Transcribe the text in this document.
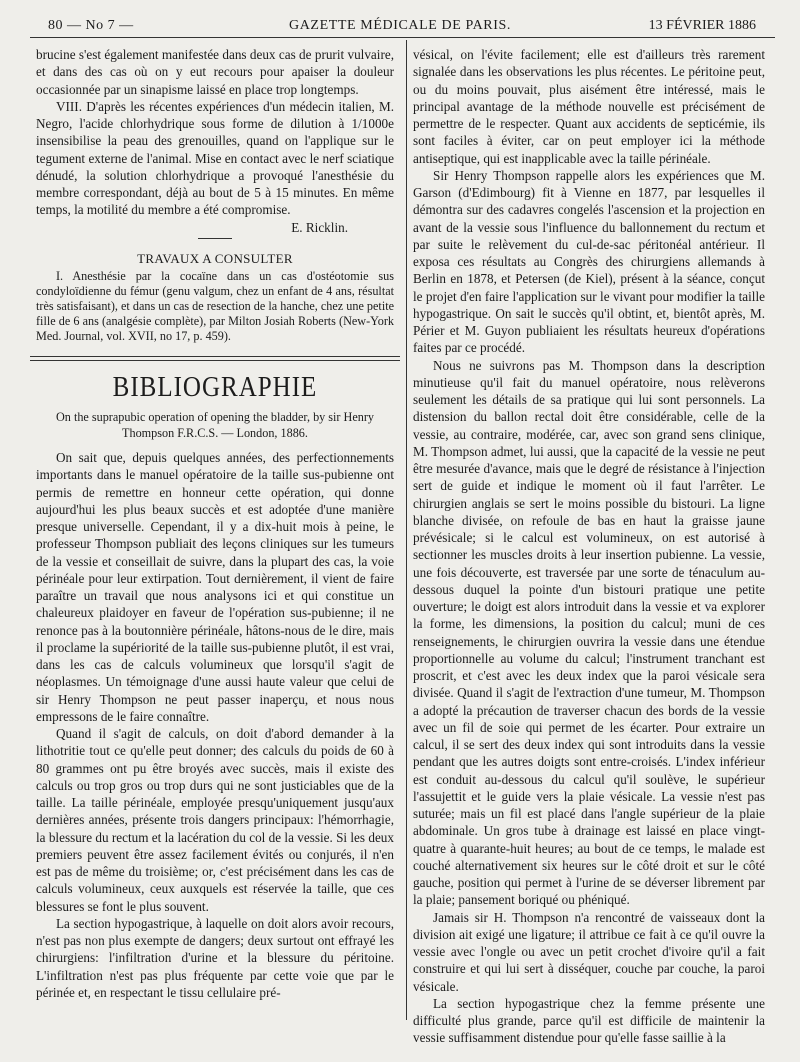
80 — No 7 —	GAZETTE MÉDICALE DE PARIS.	13 FÉVRIER 1886

brucine s'est également manifestée dans deux cas de prurit vulvaire, et dans des cas où on y eut recours pour apaiser la douleur occasionnée par un sinapisme laissé en place trop longtemps.

VIII. D'après les récentes expériences d'un médecin italien, M. Negro, l'acide chlorhydrique sous forme de dilution à 1/1000e insensibilise la peau des grenouilles, quand on l'applique sur le tegument externe de l'animal. Mise en contact avec le nerf sciatique dénudé, la solution chlorhydrique a provoqué l'anesthésie du membre correspondant, déjà au bout de 5 à 15 minutes. En même temps, la motilité du membre a été compromise.

E. Ricklin.

TRAVAUX A CONSULTER

I. Anesthésie par la cocaïne dans un cas d'ostéotomie sus condyloïdienne du fémur (genu valgum, chez un enfant de 4 ans, résultat très satisfaisant), et dans un cas de resection de la hanche, chez une petite fille de 6 ans (analgésie complète), par Milton Josiah Roberts (New-York Med. Journal, vol. XVII, no 17, p. 459).

BIBLIOGRAPHIE

On the suprapubic operation of opening the bladder, by sir Henry Thompson F.R.C.S. — London, 1886.

On sait que, depuis quelques années, des perfectionnements importants dans le manuel opératoire de la taille sus-pubienne ont permis de remettre en honneur cette opération, qui donne aujourd'hui les plus beaux succès et est adoptée d'une manière presque universelle. Cependant, il y a dix-huit mois à peine, le professeur Thompson publiait des leçons cliniques sur les tumeurs de la vessie et conseillait de suivre, dans la plupart des cas, la voie périnéale pour leur extirpation. Tout dernièrement, il vient de faire paraître un travail que nous analysons ici et qui constitue un chaleureux plaidoyer en faveur de l'opération sus-pubienne; il ne renonce pas à la boutonnière périnéale, hâtons-nous de le dire, mais il proclame la supériorité de la taille sus-pubienne plutôt, il est vrai, dans les cas de calculs volumineux que lorsqu'il s'agit de néoplasmes. Un témoignage d'une aussi haute valeur que celui de sir Henry Thompson ne peut passer inaperçu, et nous nous empressons de le faire connaître.

Quand il s'agit de calculs, on doit d'abord demander à la lithotritie tout ce qu'elle peut donner; des calculs du poids de 60 à 80 grammes ont pu être broyés avec succès, mais il existe des calculs ou trop gros ou trop durs qui ne sont justiciables que de la taille. La taille périnéale, employée presqu'uniquement jusqu'aux dernières années, présente trois dangers principaux: l'hémorrhagie, la blessure du rectum et la lacération du col de la vessie. Si les deux premiers peuvent être assez facilement évités ou conjurés, il n'en est pas de même du troisième; or, c'est précisément dans les cas de calculs volumineux, ceux auxquels est réservée la taille, que ces blessures se font le plus souvent.

La section hypogastrique, à laquelle on doit alors avoir recours, n'est pas non plus exempte de dangers; deux surtout ont effrayé les chirurgiens: l'infiltration d'urine et la blessure du péritoine. L'infiltration n'est pas plus fréquente par cette voie que par le périnée et, en respectant le tissu cellulaire pré-

vésical, on l'évite facilement; elle est d'ailleurs très rarement signalée dans les observations les plus récentes. Le péritoine peut, ou du moins pouvait, plus aisément être intéressé, mais le principal avantage de la méthode nouvelle est précisément de permettre de le respecter. Quant aux accidents de septicémie, ils sont faciles à éviter, car on peut employer ici la méthode antiseptique, qui est inapplicable avec la taille périnéale.

Sir Henry Thompson rappelle alors les expériences que M. Garson (d'Edimbourg) fit à Vienne en 1877, par lesquelles il démontra sur des cadavres congelés l'ascension et la projection en avant de la vessie sous l'influence du ballonnement du rectum et par suite le relèvement du cul-de-sac péritonéal antérieur. Il exposa ces résultats au Congrès des chirurgiens allemands à Berlin en 1878, et Petersen (de Kiel), présent à la séance, conçut le projet d'en faire l'application sur le vivant pour modifier la taille hypogastrique. On sait le succès qu'il obtint, et, bientôt après, M. Périer et M. Guyon publiaient les résultats heureux d'opérations faites par ce procédé.

Nous ne suivrons pas M. Thompson dans la description minutieuse qu'il fait du manuel opératoire, nous relèverons seulement les détails de sa pratique qui lui sont personnels. La distension du ballon rectal doit être considérable, celle de la vessie, au contraire, modérée, car, avec son grand sens clinique, M. Thompson admet, lui aussi, que la capacité de la vessie ne peut être mesurée d'avance, mais que le degré de résistance à l'injection sert de guide et indique le moment où il faut l'arrêter. Le chirurgien anglais se sert le moins possible du bistouri. La ligne blanche divisée, on refoule de bas en haut la graisse jaune prévésicale; si le calcul est volumineux, on est autorisé à sectionner les muscles droits à leur insertion pubienne. La vessie, une fois découverte, est traversée par une sorte de ténaculum au-dessous duquel la pointe d'un bistouri pratique une petite ouverture; le doigt est alors introduit dans la vessie et va explorer la forme, les dimensions, la position du calcul; muni de ces renseignements, le chirurgien ouvrira la vessie dans une étendue proportionnelle au volume du calcul; l'instrument tranchant est proscrit, et c'est avec les deux index que la paroi vésicale sera divisée. Quand il s'agit de l'extraction d'une tumeur, M. Thompson a adopté la précaution de traverser chacun des bords de la vessie avec un fil de soie qui permet de les écarter. Pour extraire un calcul, il se sert des deux index qui sont introduits dans la vessie pendant que les autres doigts sont entre-croisés. L'index inférieur est conduit au-dessous du calcul qu'il soulève, le supérieur l'assujettit et le guide vers la plaie vésicale. La vessie n'est pas suturée; mais un fil est placé dans l'angle supérieur de la plaie abdominale. Un gros tube à drainage est laissé en place vingt-quatre à quarante-huit heures; au bout de ce temps, le malade est couché alternativement six heures sur le côté droit et sur le côté gauche, position qui permet à l'urine de se déverser librement par la plaie; pansement boriqué ou phéniqué.

Jamais sir H. Thompson n'a rencontré de vaisseaux dont la division ait exigé une ligature; il attribue ce fait à ce qu'il ouvre la vessie avec l'ongle ou avec un petit crochet d'ivoire qu'il a fait construire et qui lui sert à disséquer, couche par couche, la paroi vésicale.

La section hypogastrique chez la femme présente une difficulté plus grande, parce qu'il est difficile de maintenir la vessie suffisamment distendue pour qu'elle fasse saillie à la
